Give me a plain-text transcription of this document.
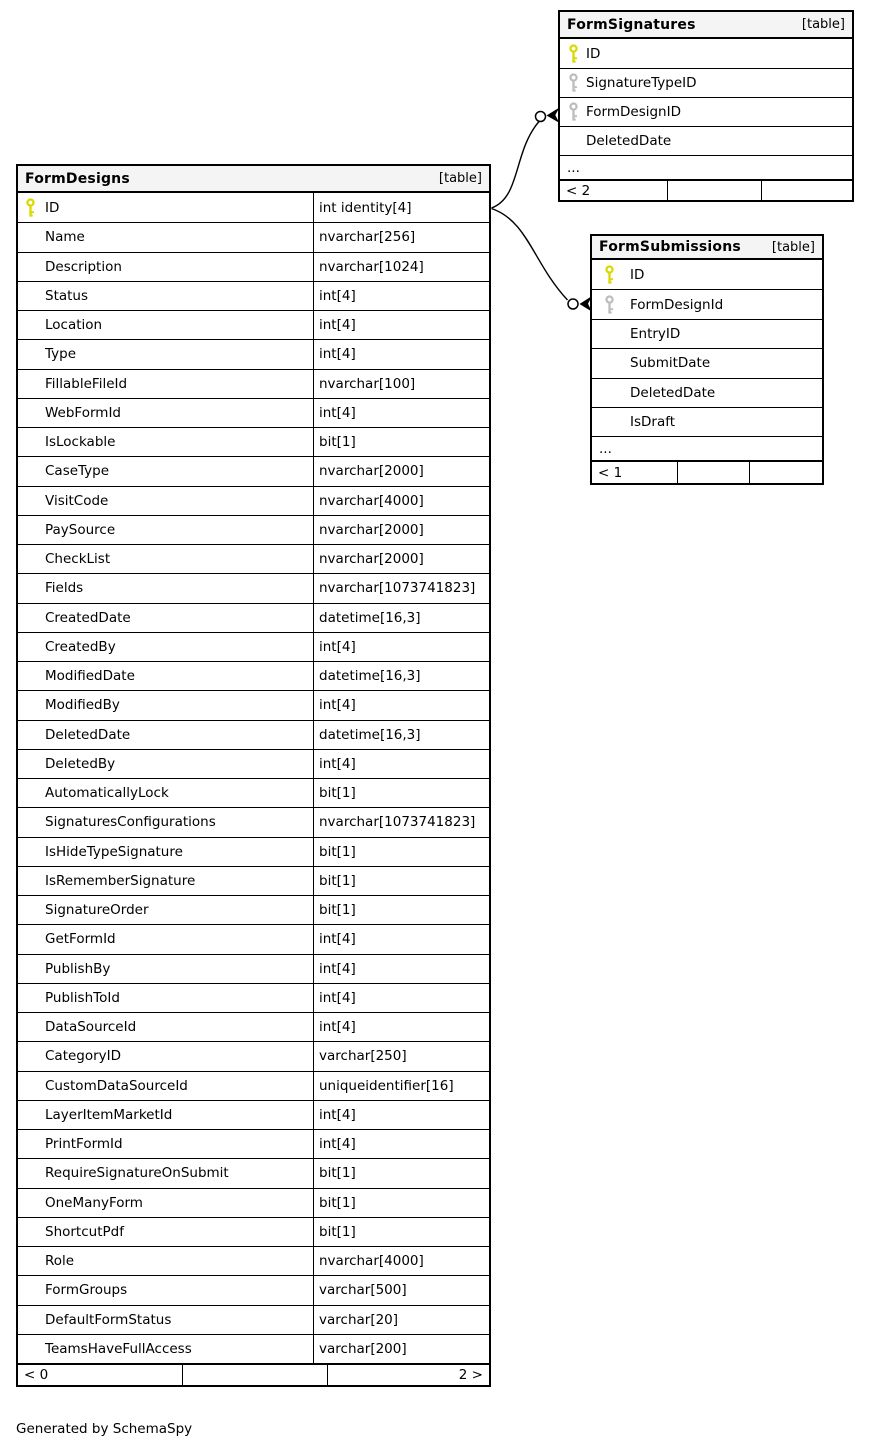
Generated by SchemaSpy
FormDesigns	[table]
ID	int identity[4]
Name	nvarchar[256]
Description	nvarchar[1024]
Status	int[4]
Location	int[4]
Type	int[4]
FillableFileId	nvarchar[100]
WebFormId	int[4]
IsLockable	bit[1]
CaseType	nvarchar[2000]
VisitCode	nvarchar[4000]
PaySource	nvarchar[2000]
CheckList	nvarchar[2000]
Fields	nvarchar[1073741823]
CreatedDate	datetime[16,3]
CreatedBy	int[4]
ModifiedDate	datetime[16,3]
ModifiedBy	int[4]
DeletedDate	datetime[16,3]
DeletedBy	int[4]
AutomaticallyLock	bit[1]
SignaturesConfigurations	nvarchar[1073741823]
IsHideTypeSignature	bit[1]
IsRememberSignature	bit[1]
SignatureOrder	bit[1]
GetFormId	int[4]
PublishBy	int[4]
PublishToId	int[4]
DataSourceId	int[4]
CategoryID	varchar[250]
CustomDataSourceId	uniqueidentifier[16]
LayerItemMarketId	int[4]
PrintFormId	int[4]
RequireSignatureOnSubmit	bit[1]
OneManyForm	bit[1]
ShortcutPdf	bit[1]
Role	nvarchar[4000]
FormGroups	varchar[500]
DefaultFormStatus	varchar[20]
TeamsHaveFullAccess	varchar[200]
< 0	2 >
FormSignatures	[table]
ID
SignatureTypeID
FormDesignID
DeletedDate
...
< 2
FormSubmissions [table]
ID
FormDesignId
EntryID
SubmitDate
DeletedDate
IsDraft
...
< 1
